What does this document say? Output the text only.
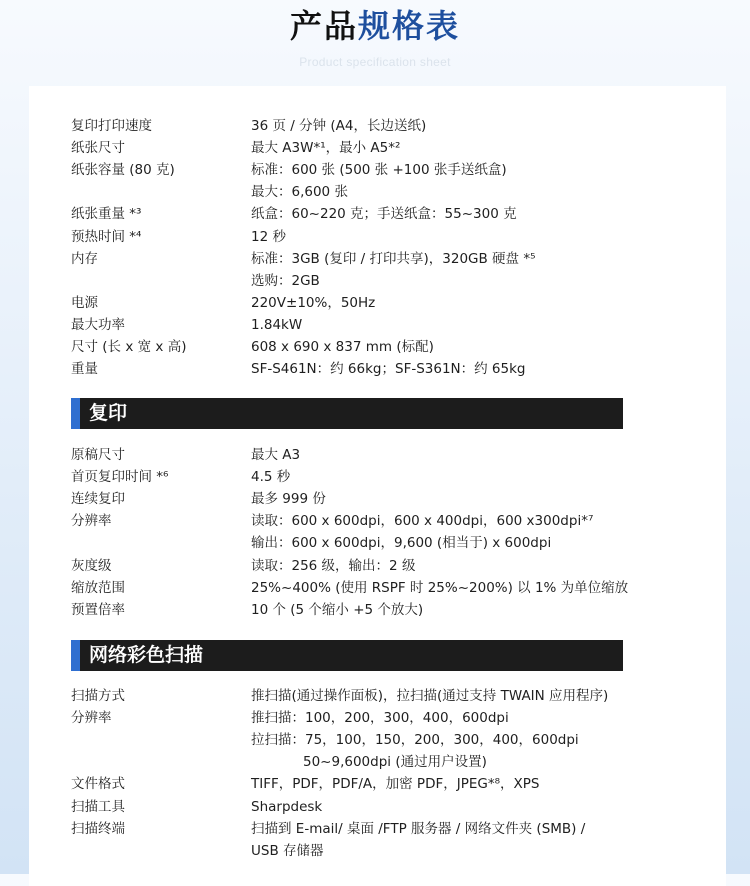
产品规格表
Product specification sheet
复印打印速度	36 页 / 分钟 (A4，长边送纸)
纸张尺寸	最大 A3W*¹，最小 A5*²
纸张容量 (80 克)	标准：600 张 (500 张 +100 张手送纸盒)
最大：6,600 张
纸张重量 *³	纸盒：60~220 克；手送纸盒：55~300 克
预热时间 *⁴	12 秒
内存	标准：3GB (复印 / 打印共享)，320GB 硬盘 *⁵
选购：2GB
电源	220V±10%，50Hz
最大功率	1.84kW
尺寸 (长 x 宽 x 高)	608 x 690 x 837 mm (标配)
重量	SF-S461N：约 66kg；SF-S361N：约 65kg
复印
原稿尺寸	最大 A3
首页复印时间 *⁶	4.5 秒
连续复印	最多 999 份
分辨率	读取：600 x 600dpi，600 x 400dpi，600 x300dpi*⁷
输出：600 x 600dpi，9,600 (相当于) x 600dpi
灰度级	读取：256 级，输出：2 级
缩放范围	25%~400% (使用 RSPF 时 25%~200%) 以 1% 为单位缩放
预置倍率	10 个 (5 个缩小 +5 个放大)
网络彩色扫描
扫描方式	推扫描(通过操作面板)，拉扫描(通过支持 TWAIN 应用程序)
分辨率	推扫描：100，200，300，400，600dpi
拉扫描：75，100，150，200，300，400，600dpi
50~9,600dpi (通过用户设置)
文件格式	TIFF，PDF，PDF/A，加密 PDF，JPEG*⁸，XPS
扫描工具	Sharpdesk
扫描终端	扫描到 E-mail/ 桌面 /FTP 服务器 / 网络文件夹 (SMB) /
USB 存储器
